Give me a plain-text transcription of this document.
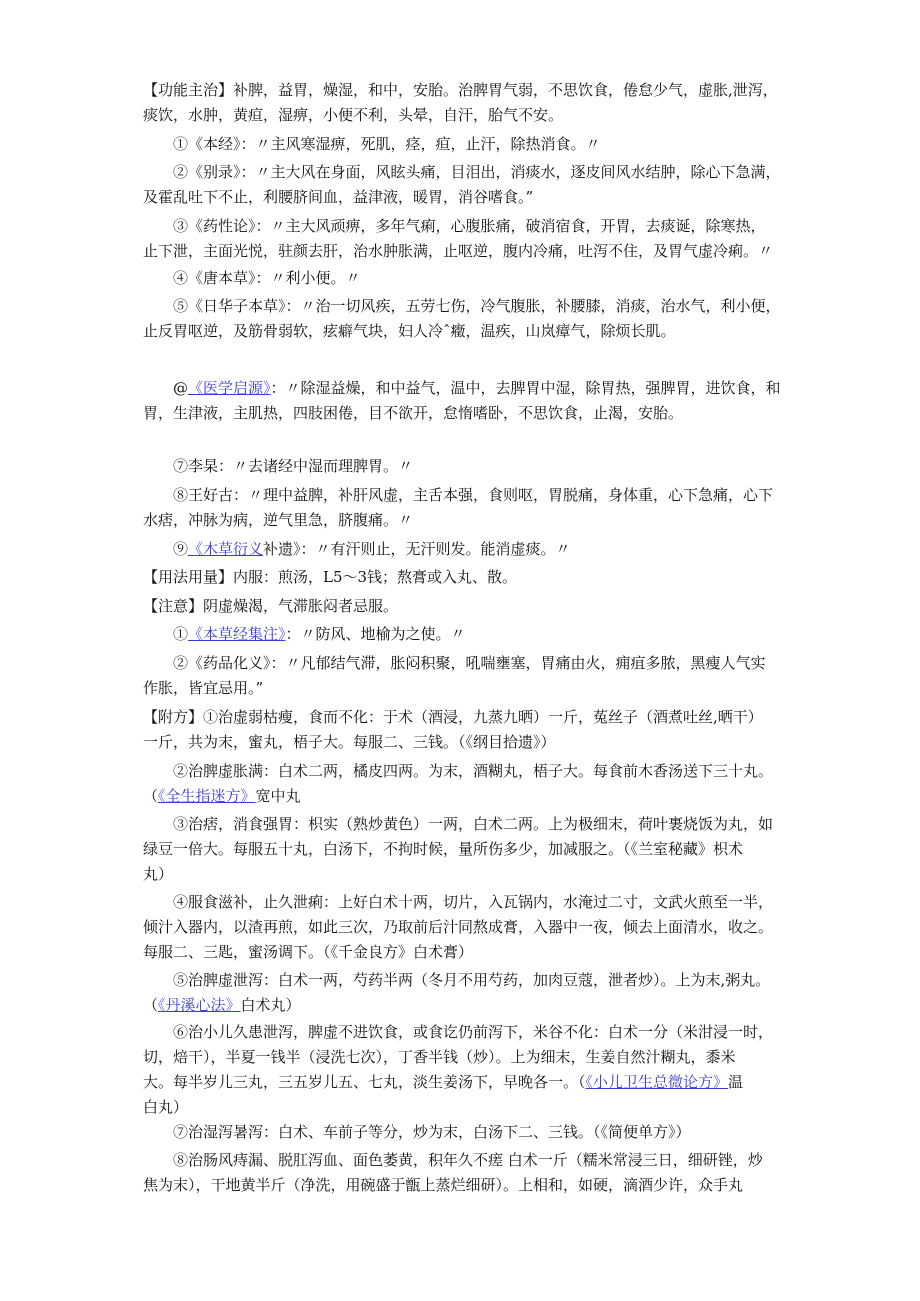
【功能主治】补脾，益胃，燥湿，和中，安胎。治脾胃气弱，不思饮食，倦怠少气，虚胀,泄泻，

痰饮，水肿，黄疸，湿痹，小便不利，头晕，自汗，胎气不安。

　　①《本经》：〃主风寒湿痹，死肌，痉，疸，止汗，除热消食。〃

　　②《别录》：〃主大风在身面，风眩头痛，目泪出，消痰水，逐皮间风水结肿，除心下急满，

及霍乱吐下不止，利腰脐间血，益津液，暖胃，消谷嗜食。”

　　③《药性论》：〃主大风顽痹，多年气痢，心腹胀痛，破消宿食，开胃，去痰诞，除寒热，

止下泄，主面光悦，驻颜去肝，治水肿胀满，止呕逆，腹内冷痛，吐泻不住，及胃气虚冷痢。〃

　　④《唐本草》：〃利小便。〃

　　⑤《日华子本草》：〃治一切风疾，五劳七伤，冷气腹胀，补腰膝，消痰，治水气，利小便，

止反胃呕逆，及筋骨弱软，痃癖气块，妇人冷ˆ癥，温疾，山岚瘴气，除烦长肌。

　　@《医学启源》：〃除湿益燥，和中益气，温中，去脾胃中湿，除胃热，强脾胃，进饮食，和

胃，生津液，主肌热，四肢困倦，目不欲开，怠惰嗜卧，不思饮食，止渴，安胎。

　　⑦李杲：〃去诸经中湿而理脾胃。〃

　　⑧王好古：〃理中益脾，补肝风虚，主舌本强，食则呕，胃脱痛，身体重，心下急痛，心下

水痞，冲脉为病，逆气里急，脐腹痛。〃

　　⑨《木草衍义补遗》：〃有汗则止，无汗则发。能消虚痰。〃

【用法用量】内服：煎汤，L5～3钱；熬膏或入丸、散。

【注意】阴虚燥渴，气滞胀闷者忌服。

　　①《本草经集注》：〃防风、地榆为之使。〃

　　②《药品化义》：〃凡郁结气滞，胀闷积聚，吼喘壅塞，胃痛由火，痈疽多脓，黑瘦人气实

作胀，皆宜忌用。”

【附方】①治虚弱枯瘦，食而不化：于术（酒浸，九蒸九晒）一斤，菟丝子（酒煮吐丝,晒干）

一斤，共为末，蜜丸，梧子大。每服二、三钱。（《纲目拾遗》）

　　②治脾虚胀满：白术二两，橘皮四两。为末，酒糊丸，梧子大。每食前木香汤送下三十丸。

（《全生指迷方》宽中丸

　　③治痞，消食强胃：枳实（熟炒黄色）一两，白术二两。上为极细末，荷叶裹烧饭为丸，如

绿豆一倍大。每服五十丸，白汤下，不拘时候，量所伤多少，加减服之。（《兰室秘藏》枳术

丸）

　　④服食滋补，止久泄痢：上好白术十两，切片，入瓦锅内，水淹过二寸，文武火煎至一半，

倾汁入器内，以渣再煎，如此三次，乃取前后汁同熬成膏，入器中一夜，倾去上面清水，收之。

每服二、三匙，蜜汤调下。（《千金良方》白术膏）

　　⑤治脾虚泄泻：白术一两，芍药半两（冬月不用芍药，加肉豆蔻，泄者炒）。上为末,粥丸。

（《丹溪心法》白术丸）

　　⑥治小儿久患泄泻，脾虚不进饮食，或食讫仍前泻下，米谷不化：白术一分（米泔浸一时，

切，焙干），半夏一钱半（浸洗七次），丁香半钱（炒）。上为细末，生姜自然汁糊丸，黍米

大。每半岁儿三丸，三五岁儿五、七丸，淡生姜汤下，早晚各一。（《小儿卫生总微论方》温

白丸）

　　⑦治湿泻暑泻：白术、车前子等分，炒为末，白汤下二、三钱。（《简便单方》）

　　⑧治肠风痔漏、脱肛泻血、面色萎黄，积年久不瘥 白术一斤（糯米常浸三日，细研锉，炒

焦为末），干地黄半斤（净洗，用碗盛于甑上蒸烂细研）。上相和，如硬，滴酒少许，众手丸
